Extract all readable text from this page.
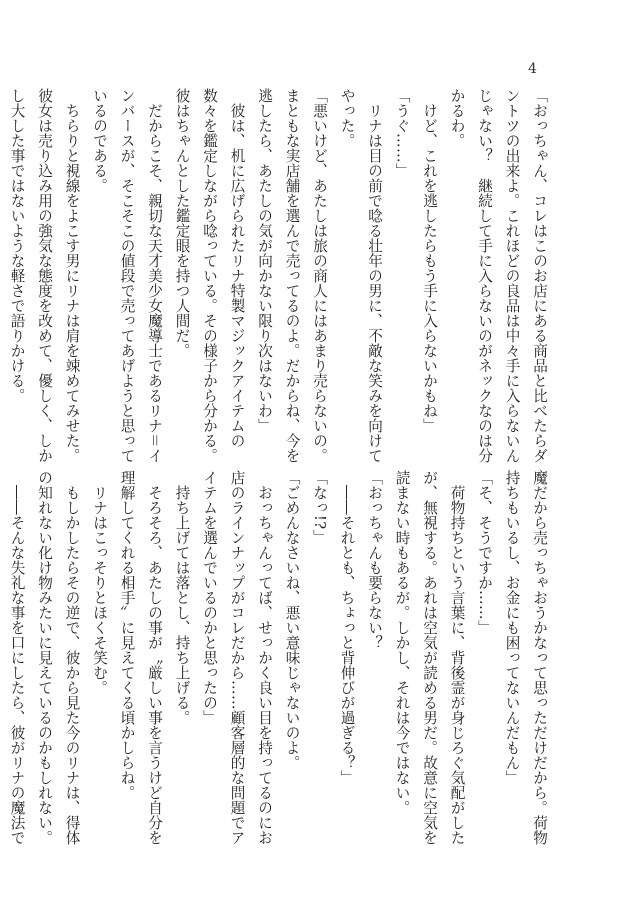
4
「おっちゃん、コレはこのお店にある商品と比べたらダ
ントツの出来よ。これほどの良品は中々手に入らないん
じゃない？　継続して手に入らないのがネックなのは分
かるわ。
　けど、これを逃したらもう手に入らないかもね」
「うぐ……」
　リナは目の前で唸る壮年の男に、不敵な笑みを向けて
やった。
「悪いけど、あたしは旅の商人にはあまり売らないの。
まともな実店舗を選んで売ってるのよ。だからね、今を
逃したら、あたしの気が向かない限り次はないわ」
　彼は、机に広げられたリナ特製マジックアイテムの
数々を鑑定しながら唸っている。その様子から分かる。
彼はちゃんとした鑑定眼を持つ人間だ。
　だからこそ、親切な天才美少女魔導士であるリナ＝イ
ンバースが、そこそこの値段で売ってあげようと思って
いるのである。
　ちらりと視線をよこす男にリナは肩を竦めてみせた。
彼女は売り込み用の強気な態度を改めて、優しく、しか
し大した事ではないような軽さで語りかける。
魔だから売っちゃおうかなって思っただけだから。荷物
持ちもいるし、お金にも困ってないんだもん」
「そ、そうですか……」
　荷物持ちという言葉に、背後霊が身じろぐ気配がした
が、無視する。あれは空気が読める男だ。故意に空気を
読まない時もあるが。しかし、それは今ではない。
「おっちゃんも要らない？
　――それとも、ちょっと背伸びが過ぎる？」
「なっ!?」
「ごめんなさいね、悪い意味じゃないのよ。
　おっちゃんってば、せっかく良い目を持ってるのにお
店のラインナップがコレだから……顧客層的な問題でア
イテムを選んでいるのかと思ったの」
　持ち上げては落とし、持ち上げる。
　そろそろ、あたしの事が〝厳しい事を言うけど自分を
理解してくれる相手〟に見えてくる頃かしらね。
　リナはこっそりとほくそ笑む。
　もしかしたらその逆で、彼から見た今のリナは、得体
の知れない化け物みたいに見えているのかもしれない。
　――そんな失礼な事を口にしたら、彼がリナの魔法で
